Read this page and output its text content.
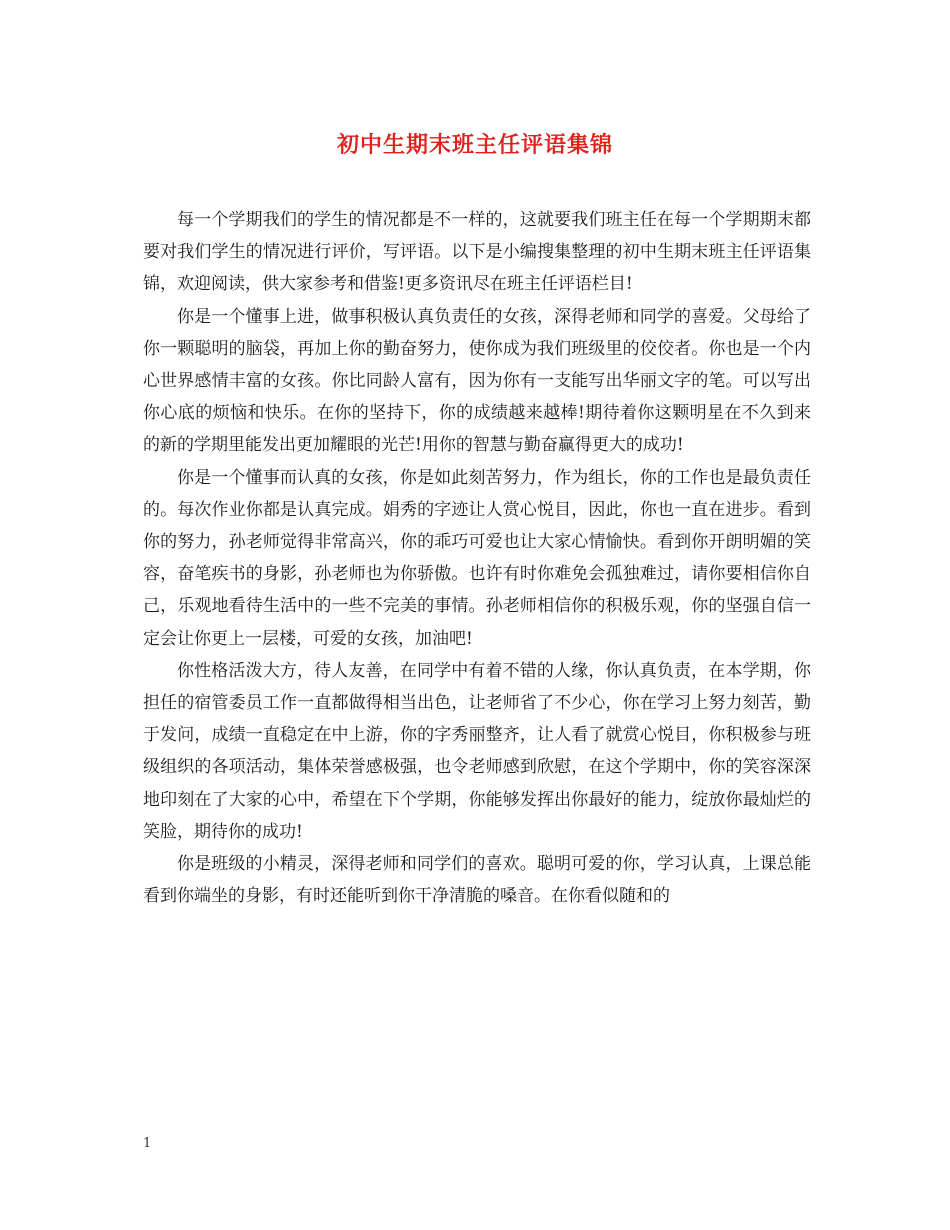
初中生期末班主任评语集锦

每一个学期我们的学生的情况都是不一样的，这就要我们班主任在每一个学期期末都要对我们学生的情况进行评价，写评语。以下是小编搜集整理的初中生期末班主任评语集锦，欢迎阅读，供大家参考和借鉴!更多资讯尽在班主任评语栏目!

你是一个懂事上进，做事积极认真负责任的女孩，深得老师和同学的喜爱。父母给了你一颗聪明的脑袋，再加上你的勤奋努力，使你成为我们班级里的佼佼者。你也是一个内心世界感情丰富的女孩。你比同龄人富有，因为你有一支能写出华丽文字的笔。可以写出你心底的烦恼和快乐。在你的坚持下，你的成绩越来越棒!期待着你这颗明星在不久到来的新的学期里能发出更加耀眼的光芒!用你的智慧与勤奋赢得更大的成功!

你是一个懂事而认真的女孩，你是如此刻苦努力，作为组长，你的工作也是最负责任的。每次作业你都是认真完成。娟秀的字迹让人赏心悦目，因此，你也一直在进步。看到你的努力，孙老师觉得非常高兴，你的乖巧可爱也让大家心情愉快。看到你开朗明媚的笑容，奋笔疾书的身影，孙老师也为你骄傲。也许有时你难免会孤独难过，请你要相信你自己，乐观地看待生活中的一些不完美的事情。孙老师相信你的积极乐观，你的坚强自信一定会让你更上一层楼，可爱的女孩，加油吧!

你性格活泼大方，待人友善，在同学中有着不错的人缘，你认真负责，在本学期，你担任的宿管委员工作一直都做得相当出色，让老师省了不少心，你在学习上努力刻苦，勤于发问，成绩一直稳定在中上游，你的字秀丽整齐，让人看了就赏心悦目，你积极参与班级组织的各项活动，集体荣誉感极强，也令老师感到欣慰，在这个学期中，你的笑容深深地印刻在了大家的心中，希望在下个学期，你能够发挥出你最好的能力，绽放你最灿烂的笑脸，期待你的成功!

你是班级的小精灵，深得老师和同学们的喜欢。聪明可爱的你，学习认真，上课总能看到你端坐的身影，有时还能听到你干净清脆的嗓音。在你看似随和的

1
